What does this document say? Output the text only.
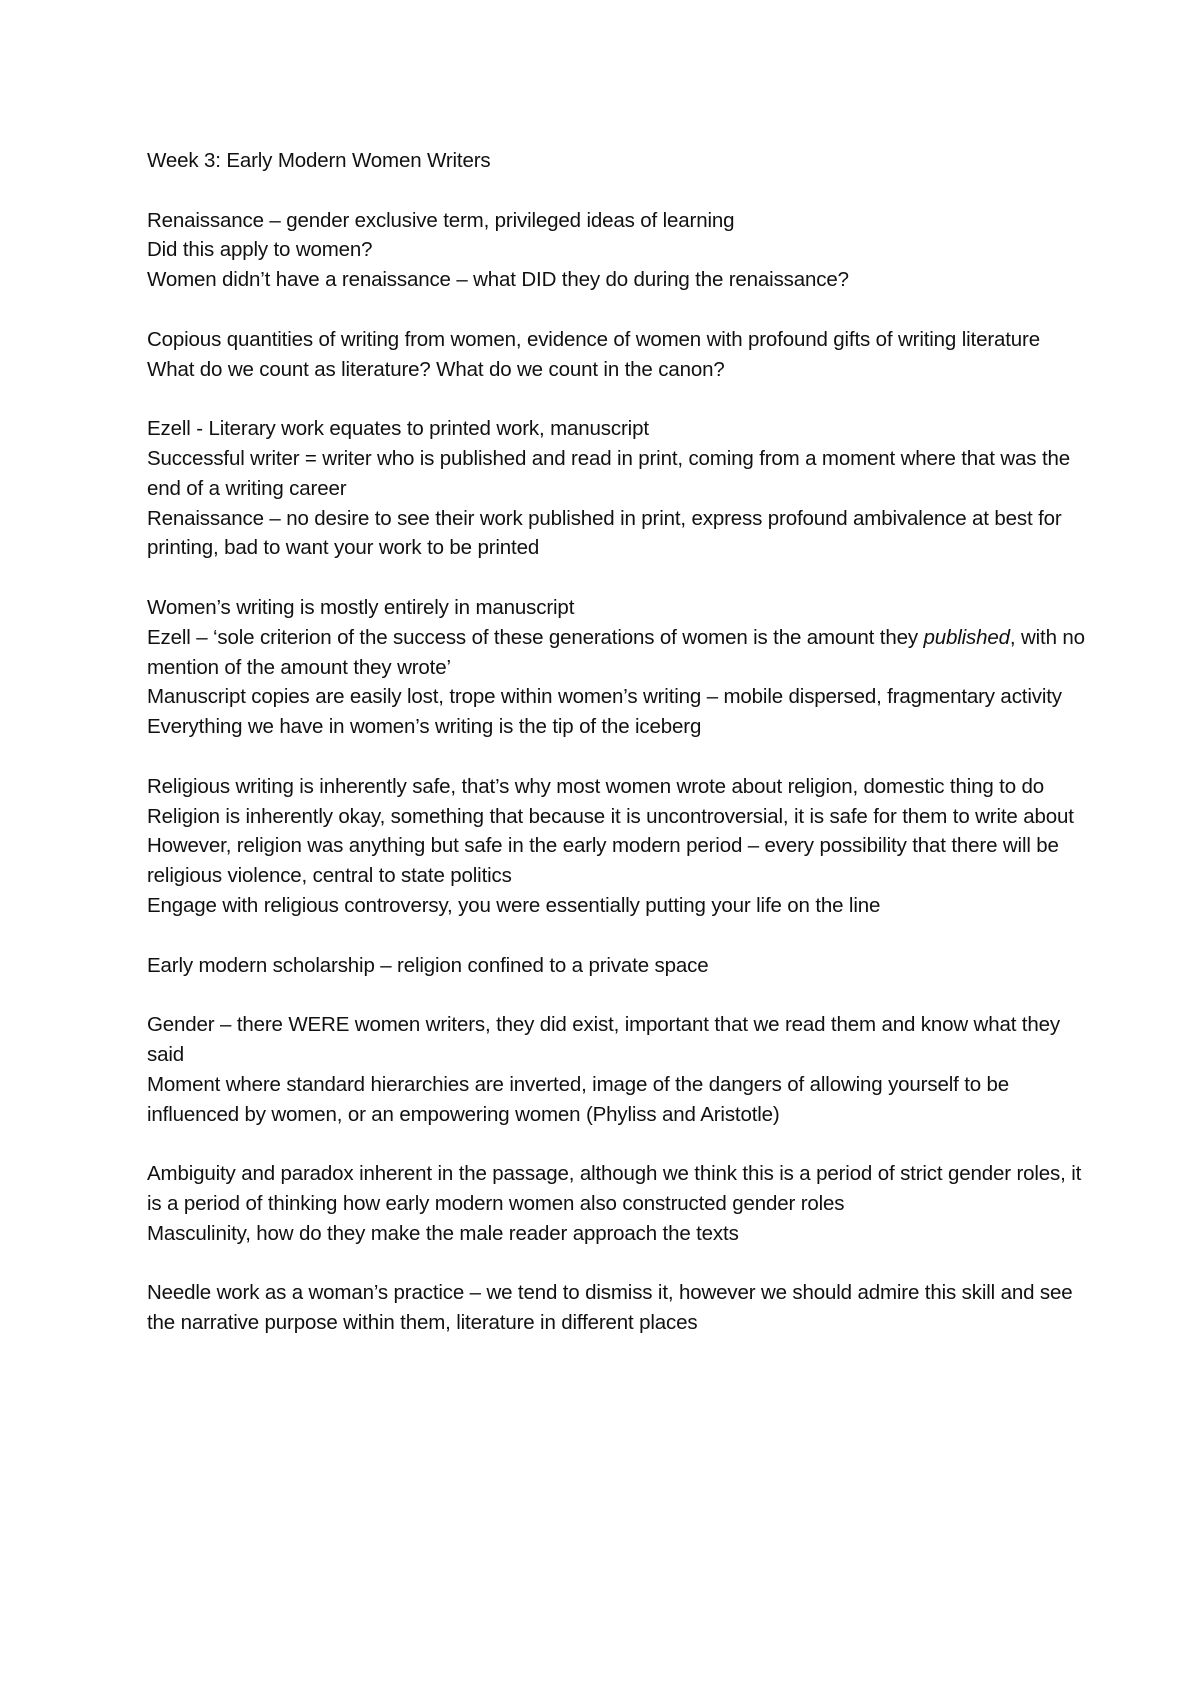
Week 3: Early Modern Women Writers
Renaissance – gender exclusive term, privileged ideas of learning
Did this apply to women?
Women didn’t have a renaissance – what DID they do during the renaissance?
Copious quantities of writing from women, evidence of women with profound gifts of writing literature
What do we count as literature? What do we count in the canon?
Ezell - Literary work equates to printed work, manuscript
Successful writer = writer who is published and read in print, coming from a moment where that was the end of a writing career
Renaissance – no desire to see their work published in print, express profound ambivalence at best for printing, bad to want your work to be printed
Women’s writing is mostly entirely in manuscript
Ezell – ‘sole criterion of the success of these generations of women is the amount they published, with no mention of the amount they wrote’
Manuscript copies are easily lost, trope within women’s writing – mobile dispersed, fragmentary activity
Everything we have in women’s writing is the tip of the iceberg
Religious writing is inherently safe, that’s why most women wrote about religion, domestic thing to do
Religion is inherently okay, something that because it is uncontroversial, it is safe for them to write about
However, religion was anything but safe in the early modern period – every possibility that there will be religious violence, central to state politics
Engage with religious controversy, you were essentially putting your life on the line
Early modern scholarship – religion confined to a private space
Gender – there WERE women writers, they did exist, important that we read them and know what they said
Moment where standard hierarchies are inverted, image of the dangers of allowing yourself to be influenced by women, or an empowering women (Phyliss and Aristotle)
Ambiguity and paradox inherent in the passage, although we think this is a period of strict gender roles, it is a period of thinking how early modern women also constructed gender roles
Masculinity, how do they make the male reader approach the texts
Needle work as a woman’s practice – we tend to dismiss it, however we should admire this skill and see the narrative purpose within them, literature in different places
